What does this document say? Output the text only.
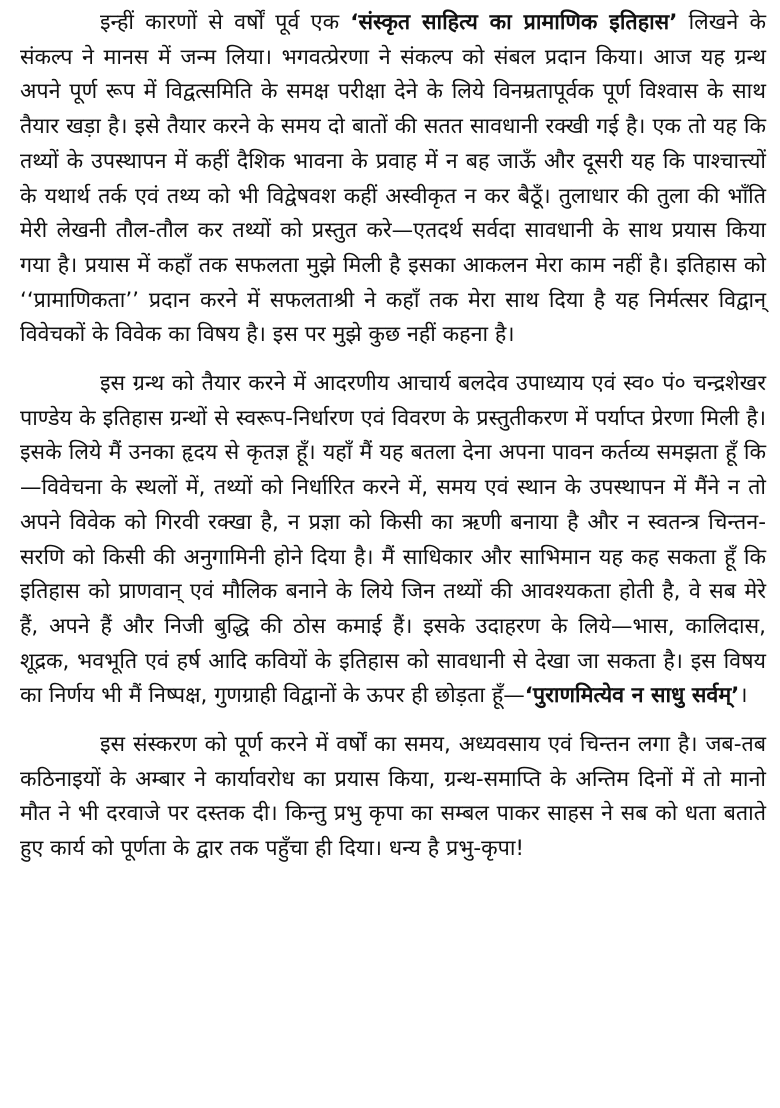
इन्हीं कारणों से वर्षों पूर्व एक ‘संस्कृत साहित्य का प्रामाणिक इतिहास’ लिखने के संकल्प ने मानस में जन्म लिया। भगवत्प्रेरणा ने संकल्प को संबल प्रदान किया। आज यह ग्रन्थ अपने पूर्ण रूप में विद्वत्समिति के समक्ष परीक्षा देने के लिये विनम्रतापूर्वक पूर्ण विश्वास के साथ तैयार खड़ा है। इसे तैयार करने के समय दो बातों की सतत सावधानी रक्खी गई है। एक तो यह कि तथ्यों के उपस्थापन में कहीं दैशिक भावना के प्रवाह में न बह जाऊँ और दूसरी यह कि पाश्चात्त्यों के यथार्थ तर्क एवं तथ्य को भी विद्वेषवश कहीं अस्वीकृत न कर बैठूँ। तुलाधार की तुला की भाँति मेरी लेखनी तौल-तौल कर तथ्यों को प्रस्तुत करे—एतदर्थ सर्वदा सावधानी के साथ प्रयास किया गया है। प्रयास में कहाँ तक सफलता मुझे मिली है इसका आकलन मेरा काम नहीं है। इतिहास को ‘‘प्रामाणिकता’’ प्रदान करने में सफलताश्री ने कहाँ तक मेरा साथ दिया है यह निर्मत्सर विद्वान् विवेचकों के विवेक का विषय है। इस पर मुझे कुछ नहीं कहना है।

इस ग्रन्थ को तैयार करने में आदरणीय आचार्य बलदेव उपाध्याय एवं स्व० पं० चन्द्रशेखर पाण्डेय के इतिहास ग्रन्थों से स्वरूप-निर्धारण एवं विवरण के प्रस्तुतीकरण में पर्याप्त प्रेरणा मिली है। इसके लिये मैं उनका हृदय से कृतज्ञ हूँ। यहाँ मैं यह बतला देना अपना पावन कर्तव्य समझता हूँ कि—विवेचना के स्थलों में, तथ्यों को निर्धारित करने में, समय एवं स्थान के उपस्थापन में मैंने न तो अपने विवेक को गिरवी रक्खा है, न प्रज्ञा को किसी का ऋणी बनाया है और न स्वतन्त्र चिन्तन-सरणि को किसी की अनुगामिनी होने दिया है। मैं साधिकार और साभिमान यह कह सकता हूँ कि इतिहास को प्राणवान् एवं मौलिक बनाने के लिये जिन तथ्यों की आवश्यकता होती है, वे सब मेरे हैं, अपने हैं और निजी बुद्धि की ठोस कमाई हैं। इसके उदाहरण के लिये—भास, कालिदास, शूद्रक, भवभूति एवं हर्ष आदि कवियों के इतिहास को सावधानी से देखा जा सकता है। इस विषय का निर्णय भी मैं निष्पक्ष, गुणग्राही विद्वानों के ऊपर ही छोड़ता हूँ—‘पुराणमित्येव न साधु सर्वम्’।

इस संस्करण को पूर्ण करने में वर्षों का समय, अध्यवसाय एवं चिन्तन लगा है। जब-तब कठिनाइयों के अम्बार ने कार्यावरोध का प्रयास किया, ग्रन्थ-समाप्ति के अन्तिम दिनों में तो मानो मौत ने भी दरवाजे पर दस्तक दी। किन्तु प्रभु कृपा का सम्बल पाकर साहस ने सब को धता बताते हुए कार्य को पूर्णता के द्वार तक पहुँचा ही दिया। धन्य है प्रभु-कृपा!
